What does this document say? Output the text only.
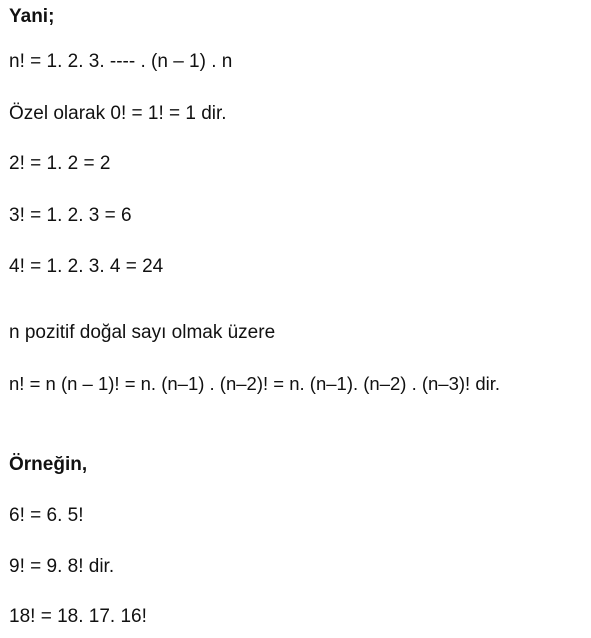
Yani;
n! = 1. 2. 3. ---- . (n – 1) . n
Özel olarak 0! = 1! = 1 dir.
2! = 1. 2 = 2
3! = 1. 2. 3 = 6
4! = 1. 2. 3. 4 = 24
n pozitif doğal sayı olmak üzere
n! = n (n – 1)! = n. (n–1) . (n–2)! = n. (n–1). (n–2) . (n–3)! dir.
Örneğin,
6! = 6. 5!
9! = 9. 8! dir.
18! = 18. 17. 16!
